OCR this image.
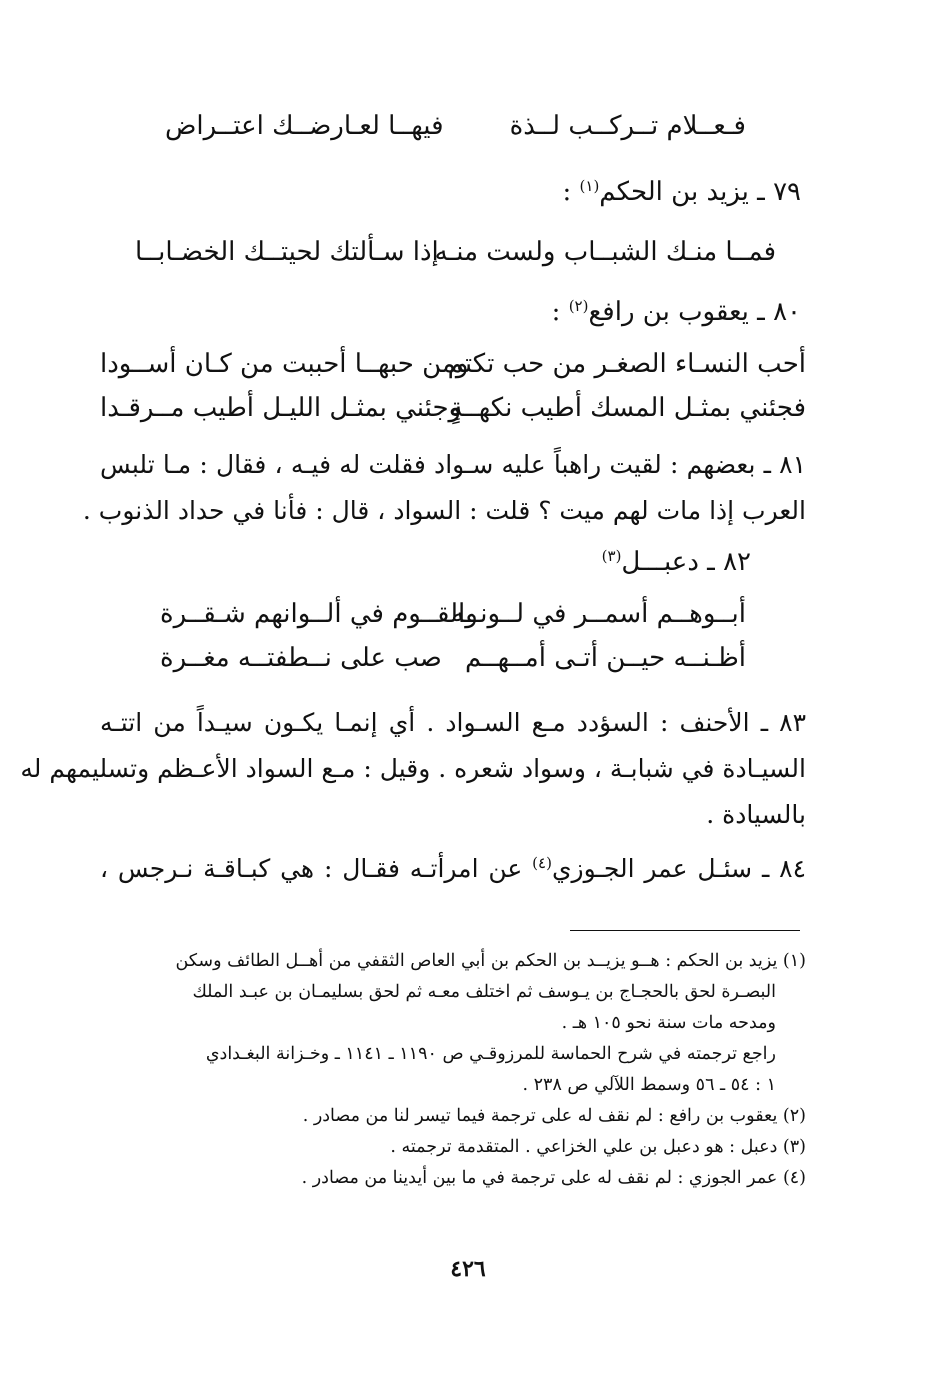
فـعــلام تــركــب لــذة
فيهــا لعـارضــك اعتــراض
٧٩ ـ يزيد بن الحكم$^{(١)}$ :
فمــا منـك الشبــاب ولست منـه
إذا سـألتك لحيتــك الخضـابــا
٨٠ ـ يعقوب بن رافع$^{(٢)}$ :
أحب النسـاء الصغـر من حب تكتم
ومن حبهــا أحببت من كـان أســودا
فجئني بمثـل المسك أطيب نكهــةٍ
وجئني بمثـل الليـل أطيب مــرقـدا
٨١ ـ بعضهم : لقيت راهباً عليه سـواد فقلت له فيـه ، فقال : مـا تلبس
العرب إذا مات لهم ميت ؟ قلت : السواد ، قال : فأنا في حداد الذنوب .
٨٢ ـ دعبـــل$^{(٣)}$
أبــوهــم أسمــر في لــونــه
والقــوم في ألــوانهم شـقــرة
أظـنــه حيــن أتـى أمــهــم
صب على نــطفتــه مغــرة
٨٣ ـ الأحنف : السؤدد مـع السـواد . أي إنمـا يكـون سيـداً من اتتـه
السيـادة في شبابـة ، وسواد شعره . وقيل : مـع السواد الأعـظم وتسليمهم له
بالسيادة .
٨٤ ـ سئـل عمر الجـوزي$^{(٤)}$ عن امرأتـه فقـال : هي كبـاقـة نـرجس ،
(١) يزيد بن الحكم : هــو يزيــد بن الحكم بن أبي العاص الثقفي من أهــل الطائف وسكن
البصـرة لحق بالحجـاج بن يـوسف ثم اختلف معـه ثم لحق بسليمـان بن عبـد الملك
ومدحه مات سنة نحو ١٠٥ هـ .
راجع ترجمته في شرح الحماسة للمرزوقـي ص ١١٩٠ ـ ١١٤١ ـ وخـزانة البغـدادي
١ : ٥٤ ـ ٥٦ وسمط اللآلي ص ٢٣٨ .
(٢) يعقوب بن رافع : لم نقف له على ترجمة فيما تيسر لنا من مصادر .
(٣) دعبل : هو دعبل بن علي الخزاعي . المتقدمة ترجمته .
(٤) عمر الجوزي : لم نقف له على ترجمة في ما بين أيدينا من مصادر .
٤٢٦
